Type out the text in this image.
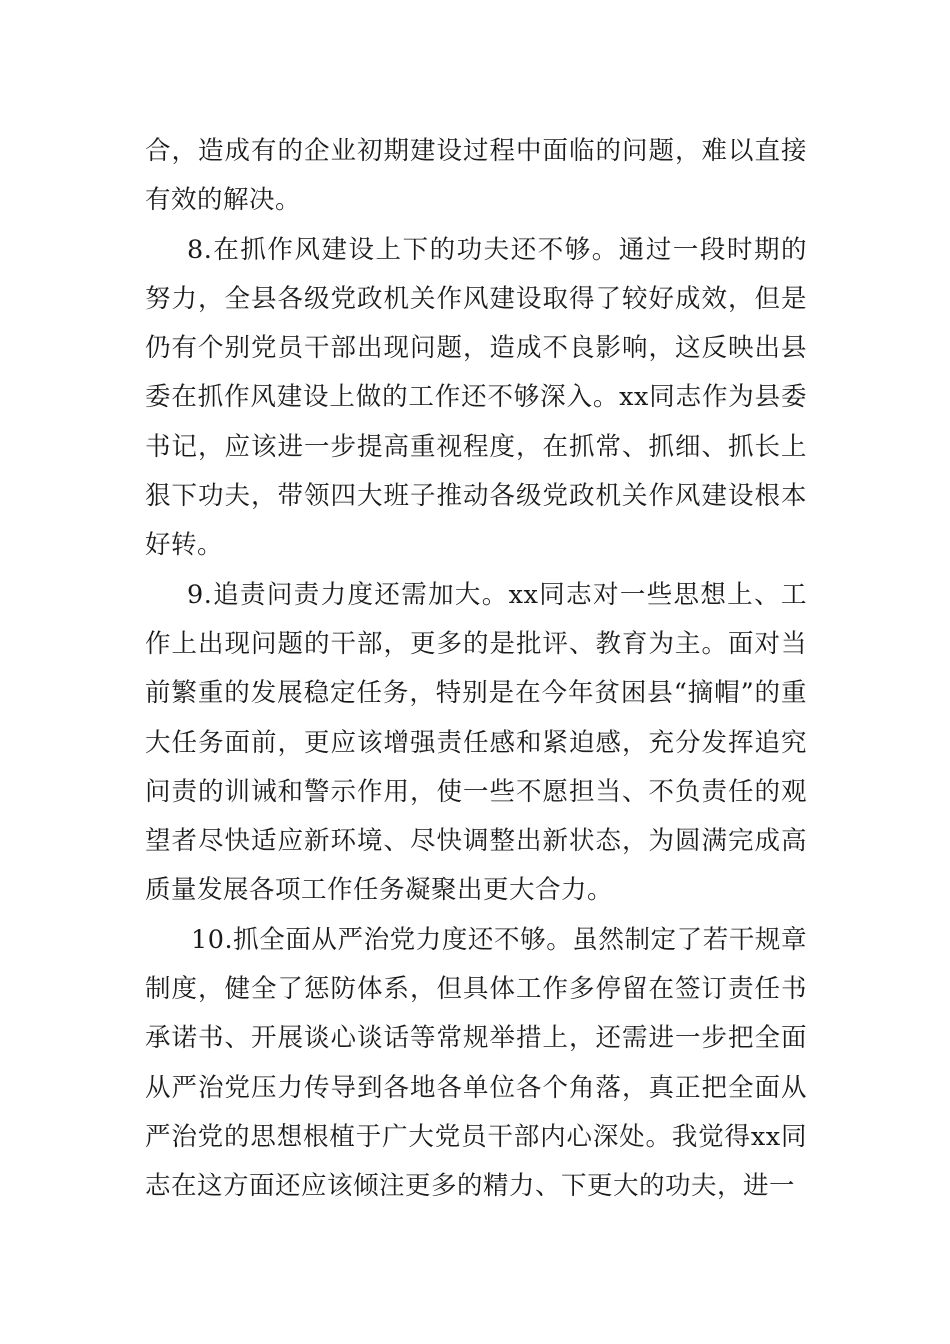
合，造成有的企业初期建设过程中面临的问题，难以直接有效的解决。

8.在抓作风建设上下的功夫还不够。通过一段时期的努力，全县各级党政机关作风建设取得了较好成效，但是仍有个别党员干部出现问题，造成不良影响，这反映出县委在抓作风建设上做的工作还不够深入。xx同志作为县委书记，应该进一步提高重视程度，在抓常、抓细、抓长上狠下功夫，带领四大班子推动各级党政机关作风建设根本好转。

9.追责问责力度还需加大。xx同志对一些思想上、工作上出现问题的干部，更多的是批评、教育为主。面对当前繁重的发展稳定任务，特别是在今年贫困县“摘帽”的重大任务面前，更应该增强责任感和紧迫感，充分发挥追究问责的训诫和警示作用，使一些不愿担当、不负责任的观望者尽快适应新环境、尽快调整出新状态，为圆满完成高质量发展各项工作任务凝聚出更大合力。

10.抓全面从严治党力度还不够。虽然制定了若干规章制度，健全了惩防体系，但具体工作多停留在签订责任书承诺书、开展谈心谈话等常规举措上，还需进一步把全面从严治党压力传导到各地各单位各个角落，真正把全面从严治党的思想根植于广大党员干部内心深处。我觉得xx同志在这方面还应该倾注更多的精力、下更大的功夫，进一
